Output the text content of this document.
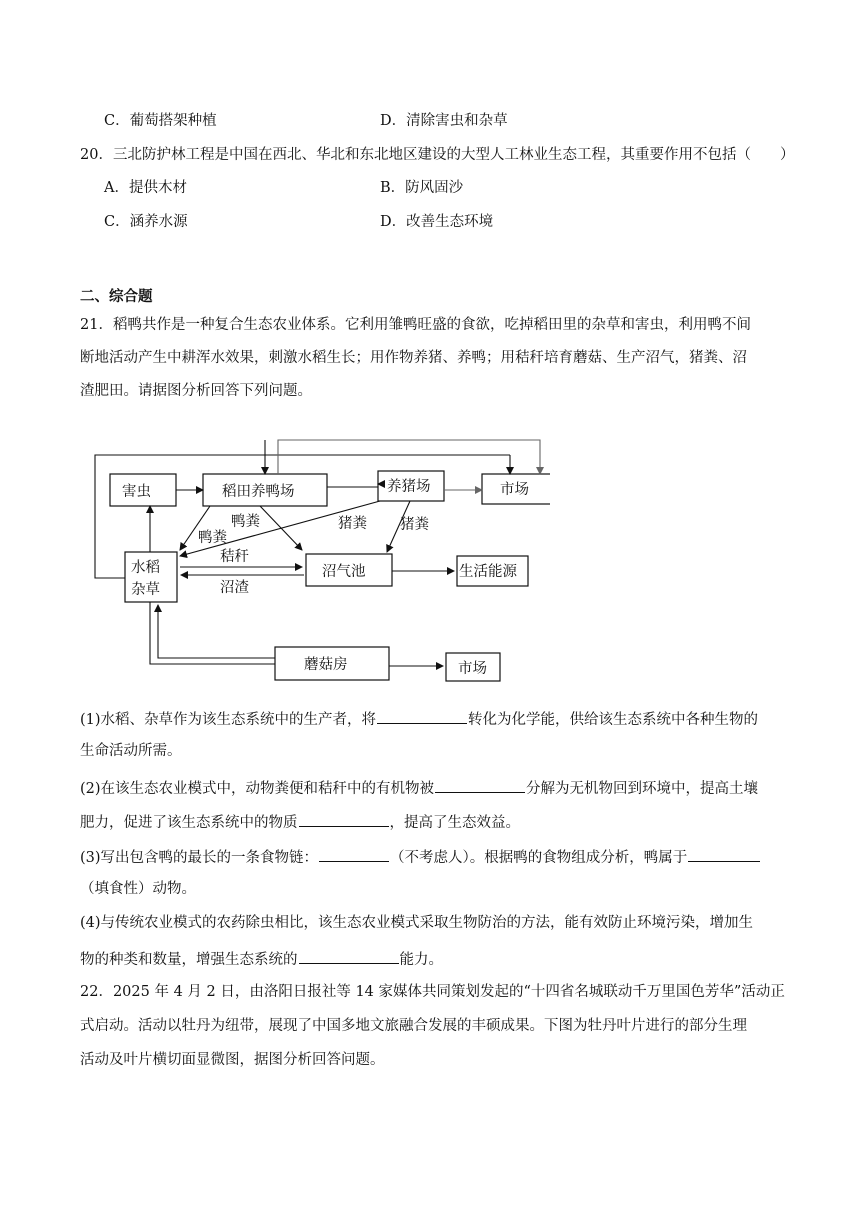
C．葡萄搭架种植	D．清除害虫和杂草
20．三北防护林工程是中国在西北、华北和东北地区建设的大型人工林业生态工程，其重要作用不包括（　　）
A．提供木材	B．防风固沙
C．涵养水源	D．改善生态环境
二、综合题
21．稻鸭共作是一种复合生态农业体系。它利用雏鸭旺盛的食欲，吃掉稻田里的杂草和害虫，利用鸭不间
断地活动产生中耕浑水效果，刺激水稻生长；用作物养猪、养鸭；用秸秆培育蘑菇、生产沼气，猪粪、沼
渣肥田。请据图分析回答下列问题。
害虫	稻田养鸭场	养猪场	市场
水稻
杂草
沼气池	生活能源
蘑菇房	市场
鸭粪
鸭粪
猪粪 猪粪
秸秆
沼渣
(1)水稻、杂草作为该生态系统中的生产者，将	转化为化学能，供给该生态系统中各种生物的
生命活动所需。
(2)在该生态农业模式中，动物粪便和秸秆中的有机物被	分解为无机物回到环境中，提高土壤
肥力，促进了该生态系统中的物质	，提高了生态效益。
(3)写出包含鸭的最长的一条食物链：	（不考虑人）。根据鸭的食物组成分析，鸭属于
（填食性）动物。
(4)与传统农业模式的农药除虫相比，该生态农业模式采取生物防治的方法，能有效防止环境污染，增加生
物的种类和数量，增强生态系统的	能力。
22．2025 年 4 月 2 日，由洛阳日报社等 14 家媒体共同策划发起的“十四省名城联动千万里国色芳华”活动正
式启动。活动以牡丹为纽带，展现了中国多地文旅融合发展的丰硕成果。下图为牡丹叶片进行的部分生理
活动及叶片横切面显微图，据图分析回答问题。
